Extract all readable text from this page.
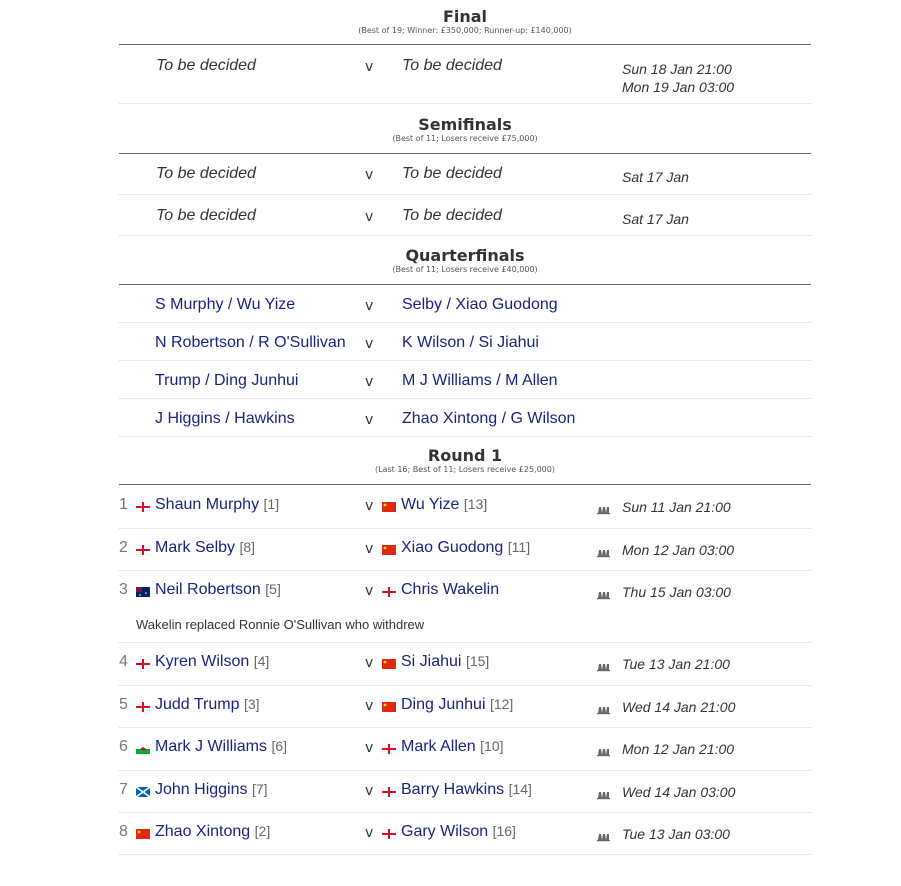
Final
(Best of 19; Winner: £350,000; Runner-up: £140,000)
To be decided	v To be decided	Sun 18 Jan 21:00
Mon 19 Jan 03:00
Semifinals
(Best of 11; Losers receive £75,000)
To be decided	v To be decided	Sat 17 Jan
To be decided	v To be decided	Sat 17 Jan
Quarterfinals
(Best of 11; Losers receive £40,000)
S Murphy / Wu Yize	v Selby / Xiao Guodong
N Robertson / R O'Sullivan v K Wilson / Si Jiahui
Trump / Ding Junhui	v M J Williams / M Allen
J Higgins / Hawkins	v Zhao Xintong / G Wilson
Round 1
(Last 16; Best of 11; Losers receive £25,000)
1	Shaun Murphy [1]	v	Wu Yize [13]	Sun 11 Jan 21:00
2	Mark Selby [8]	v	Xiao Guodong [11]	Mon 12 Jan 03:00
3	Neil Robertson [5]	v	Chris Wakelin	Thu 15 Jan 03:00
Wakelin replaced Ronnie O'Sullivan who withdrew
4	Kyren Wilson [4]	v	Si Jiahui [15]	Tue 13 Jan 21:00
5	Judd Trump [3]	v	Ding Junhui [12]	Wed 14 Jan 21:00
6	Mark J Williams [6]	v	Mark Allen [10]	Mon 12 Jan 21:00
7	John Higgins [7]	v	Barry Hawkins [14]	Wed 14 Jan 03:00
8	Zhao Xintong [2]	v	Gary Wilson [16]	Tue 13 Jan 03:00
